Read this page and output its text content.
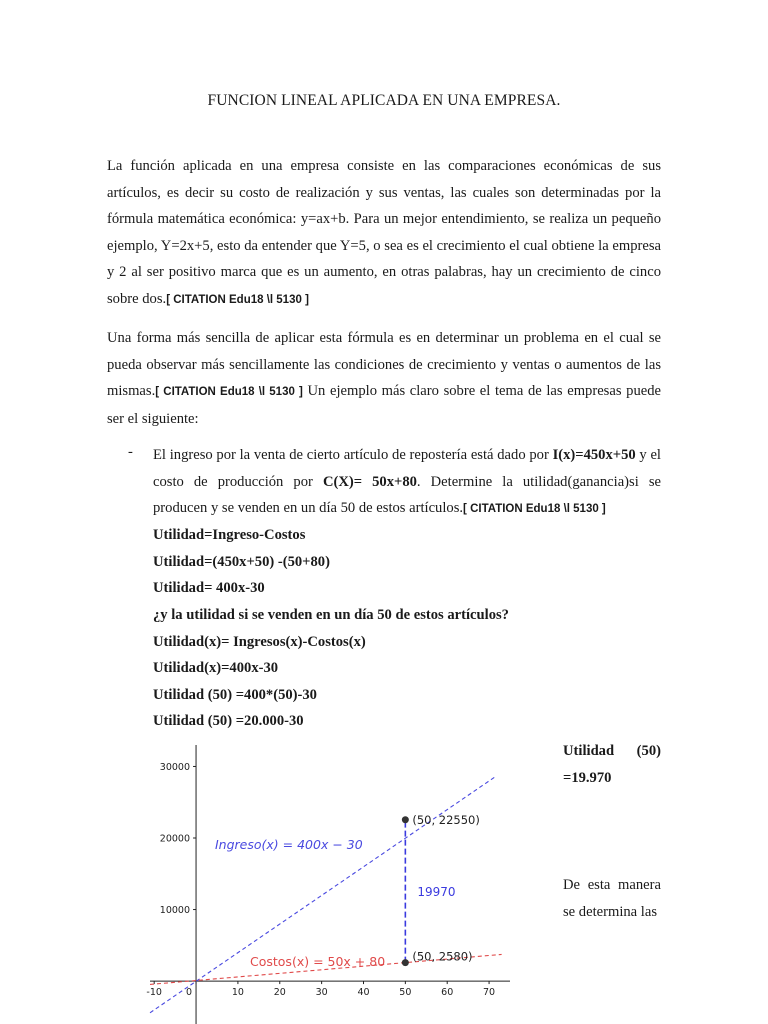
FUNCION LINEAL APLICADA EN UNA EMPRESA.

La función aplicada en una empresa consiste en las comparaciones económicas de sus artículos, es decir su costo de realización y sus ventas, las cuales son determinadas por la fórmula matemática económica: y=ax+b. Para un mejor entendimiento, se realiza un pequeño ejemplo, Y=2x+5, esto da entender que Y=5, o sea es el crecimiento el cual obtiene la empresa y 2 al ser positivo marca que es un aumento, en otras palabras, hay un crecimiento de cinco sobre dos.[ CITATION Edu18 \l 5130 ]

Una forma más sencilla de aplicar esta fórmula es en determinar un problema en el cual se pueda observar más sencillamente las condiciones de crecimiento y ventas o aumentos de las mismas.[ CITATION Edu18 \l 5130 ] Un ejemplo más claro sobre el tema de las empresas puede ser el siguiente:

- El ingreso por la venta de cierto artículo de repostería está dado por I(x)=450x+50 y el costo de producción por C(X)= 50x+80. Determine la utilidad(ganancia)si se producen y se venden en un día 50 de estos artículos.[ CITATION Edu18 \l 5130 ]

Utilidad=Ingreso-Costos

Utilidad=(450x+50) -(50+80)

Utilidad= 400x-30

¿y la utilidad si se venden en un día 50 de estos artículos?

Utilidad(x)= Ingresos(x)-Costos(x)

Utilidad(x)=400x-30

Utilidad (50) =400*(50)-30

Utilidad (50) =20.000-30

Utilidad (50)
=19.970

De esta manera se determina las

-10	0	10	20	30	40	50	60	70
10000
20000
30000
Ingreso(x) = 400x − 30
Costos(x) = 50x + 80
19970
(50, 22550)
(50, 2580)
